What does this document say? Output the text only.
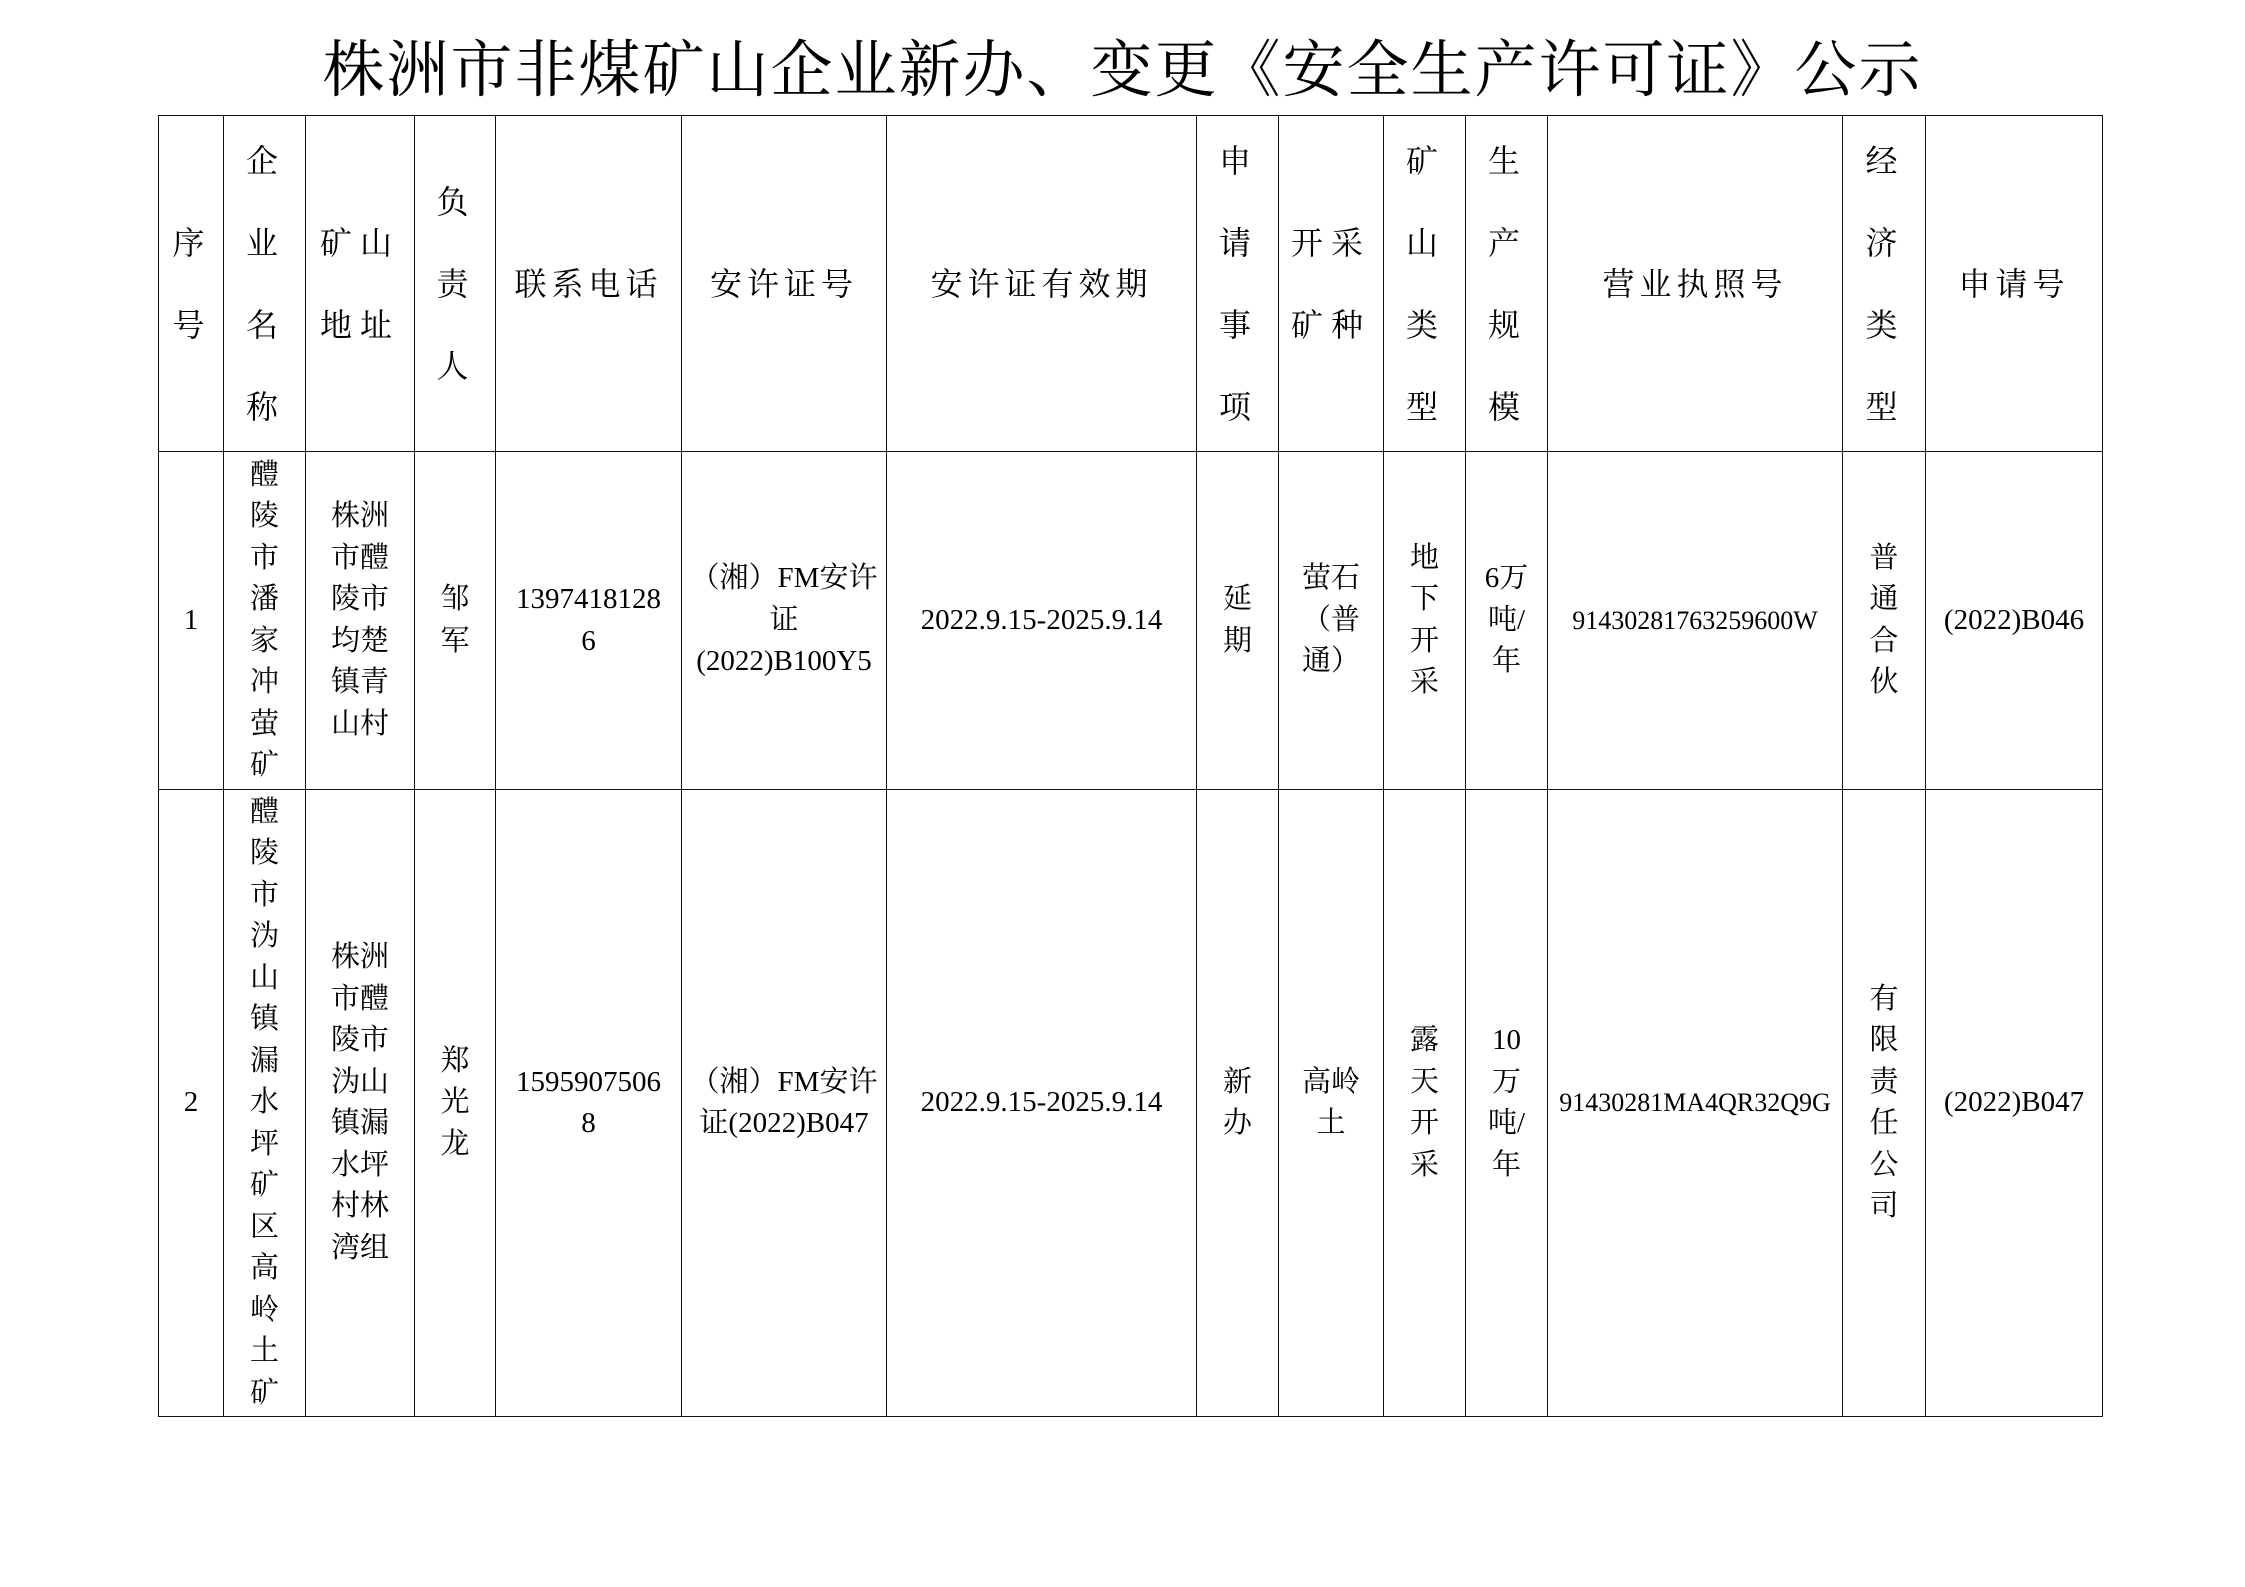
株洲市非煤矿山企业新办、变更《安全生产许可证》公示
序号	企业名称	矿山地址	负责人	联系电话	安许证号	安许证有效期	申请事项	开采矿种	矿山类型	生产规模	营业执照号	经济类型	申请号

1	醴陵市潘家冲萤矿	株洲市醴陵市均楚镇青山村	邹军	13974181286	（湘）FM安许证(2022)B100Y5	2022.9.15-2025.9.14	延期	萤石（普通）	地下开采	6万吨/年	91430281763259600W	普通合伙	(2022)B046

2	醴陵市沩山镇漏水坪矿区高岭土矿	株洲市醴陵市沩山镇漏水坪村林湾组	郑光龙	15959075068	（湘）FM安许证(2022)B047	2022.9.15-2025.9.14	新办	高岭土	露天开采	10万吨/年	91430281MA4QR32Q9G	有限责任公司	(2022)B047
